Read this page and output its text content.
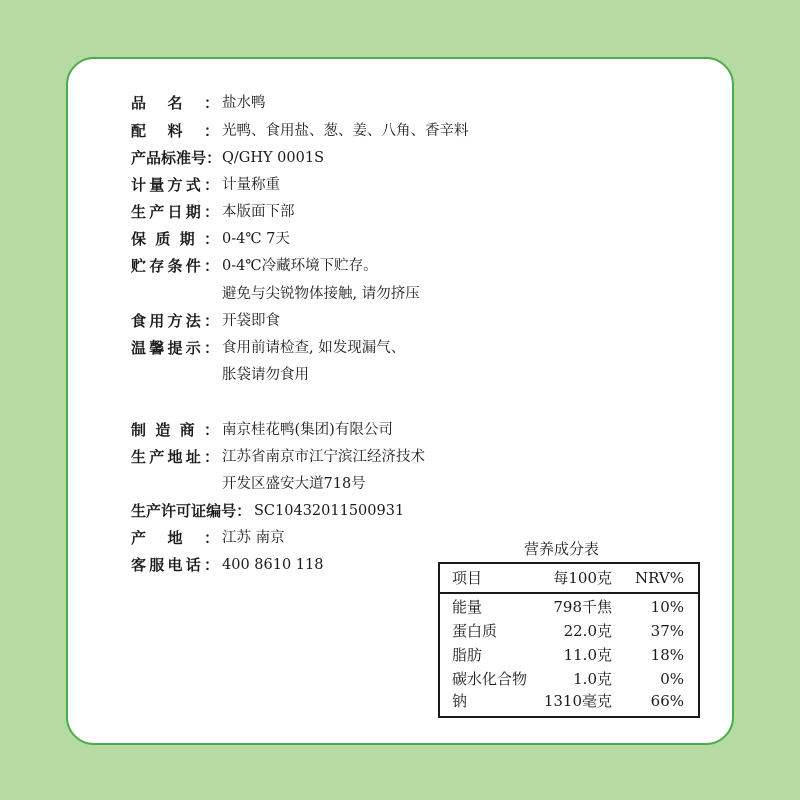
品 名 ： 盐水鸭
配 料 ： 光鸭、食用盐、葱、姜、八角、香辛料
产 品 标 准 号 ： Q/GHY 0001S
计 量 方 式 ： 计量称重
生 产 日 期 ： 本版面下部
保 质 期 ： 0-4℃ 7天
贮 存 条 件 ： 0-4℃冷藏环境下贮存。
避免与尖锐物体接触, 请勿挤压
食 用 方 法 ： 开袋即食
温 馨 提 示 ： 食用前请检查, 如发现漏气、
胀袋请勿食用
制 造 商 ： 南京桂花鸭(集团)有限公司
生 产 地 址 ： 江苏省南京市江宁滨江经济技术
开发区盛安大道718号
生 产 许 可 证 编 号 ： SC10432011500931
产 地 ： 江苏 南京
客 服 电 话 ： 400 8610 118
营养成分表
项目	每100克 NRV%
能量	798千焦	10%
蛋白质	22.0克	37%
脂肪	11.0克	18%
碳水化合物	1.0克	0%
钠	1310毫克	66%
